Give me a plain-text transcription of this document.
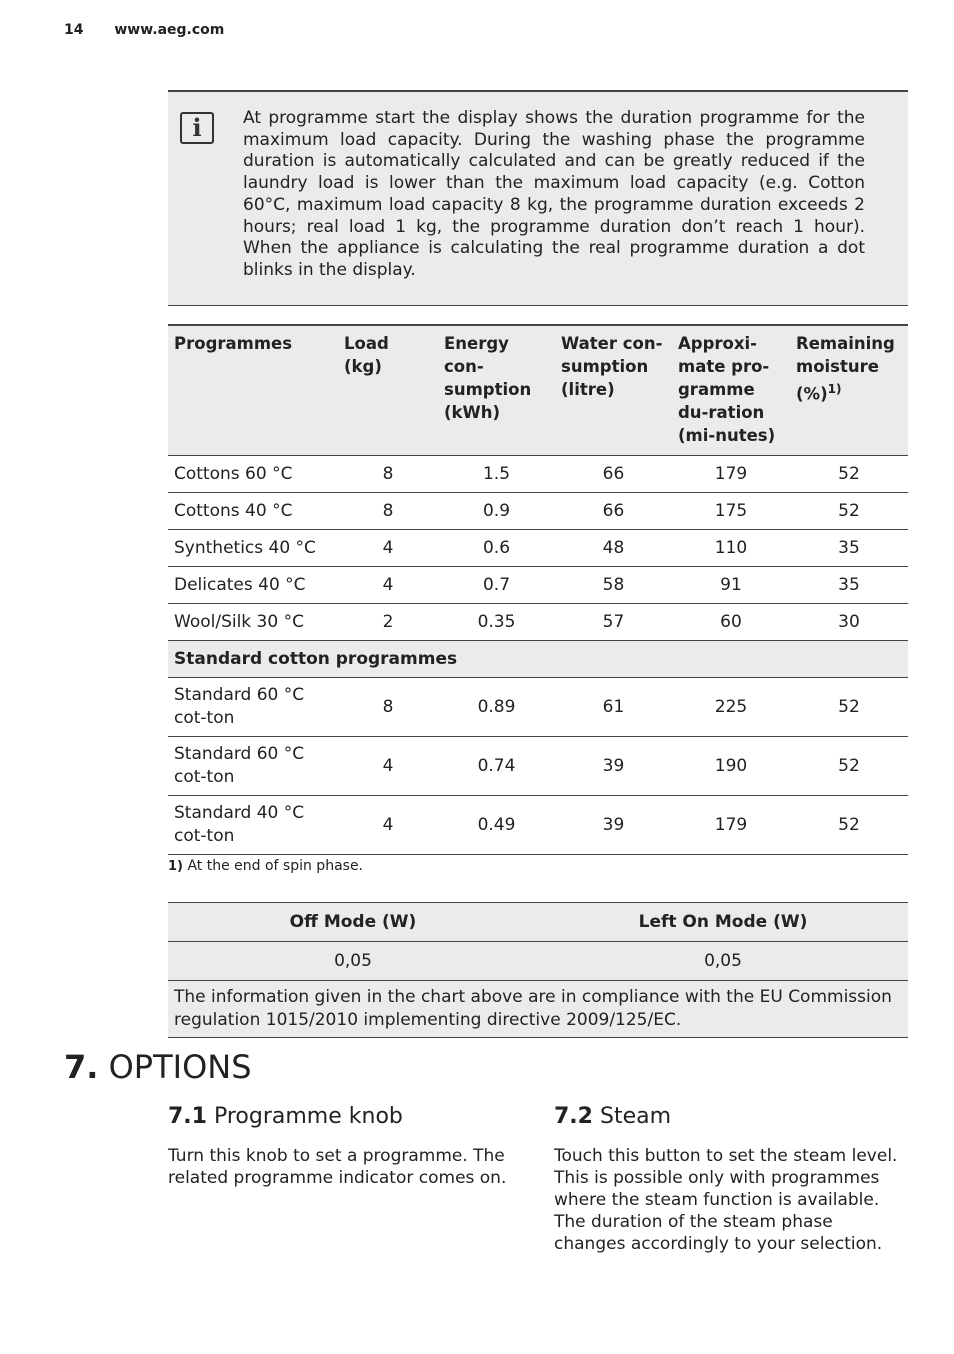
14 www.aeg.com
i	At programme start the display shows the duration programme for the maximum load capacity. During the washing phase the programme duration is automatically calculated and can be greatly reduced if the laundry load is lower than the maximum load capacity (e.g. Cotton 60°C, maximum load capacity 8 kg, the programme duration exceeds 2 hours; real load 1 kg, the programme duration don’t reach 1 hour). When the appliance is calculating the real programme duration a dot blinks in the display.
Programmes	Load (kg)	Energy con-sumption (kWh)	Water con-sumption (litre)	Approxi-mate pro-gramme du-ration (mi-nutes)	Remaining moisture (%)$^{1)}$
Cottons 60 °C	8	1.5	66	179	52
Cottons 40 °C	8	0.9	66	175	52
Synthetics 40 °C	4	0.6	48	110	35
Delicates 40 °C	4	0.7	58	91	35
Wool/Silk 30 °C	2	0.35	57	60	30
Standard cotton programmes					
Standard 60 °C cot-ton	8	0.89	61	225	52
Standard 60 °C cot-ton	4	0.74	39	190	52
Standard 40 °C cot-ton	4	0.49	39	179	52
1) At the end of spin phase.
Off Mode (W)	Left On Mode (W)
0,05	0,05
The information given in the chart above are in compliance with the EU Commission regulation 1015/2010 implementing directive 2009/125/EC.	
7. OPTIONS
7.1 Programme knob

Turn this knob to set a programme. The related programme indicator comes on.

7.2 Steam

Touch this button to set the steam level. This is possible only with programmes where the steam function is available. The duration of the steam phase changes accordingly to your selection.
